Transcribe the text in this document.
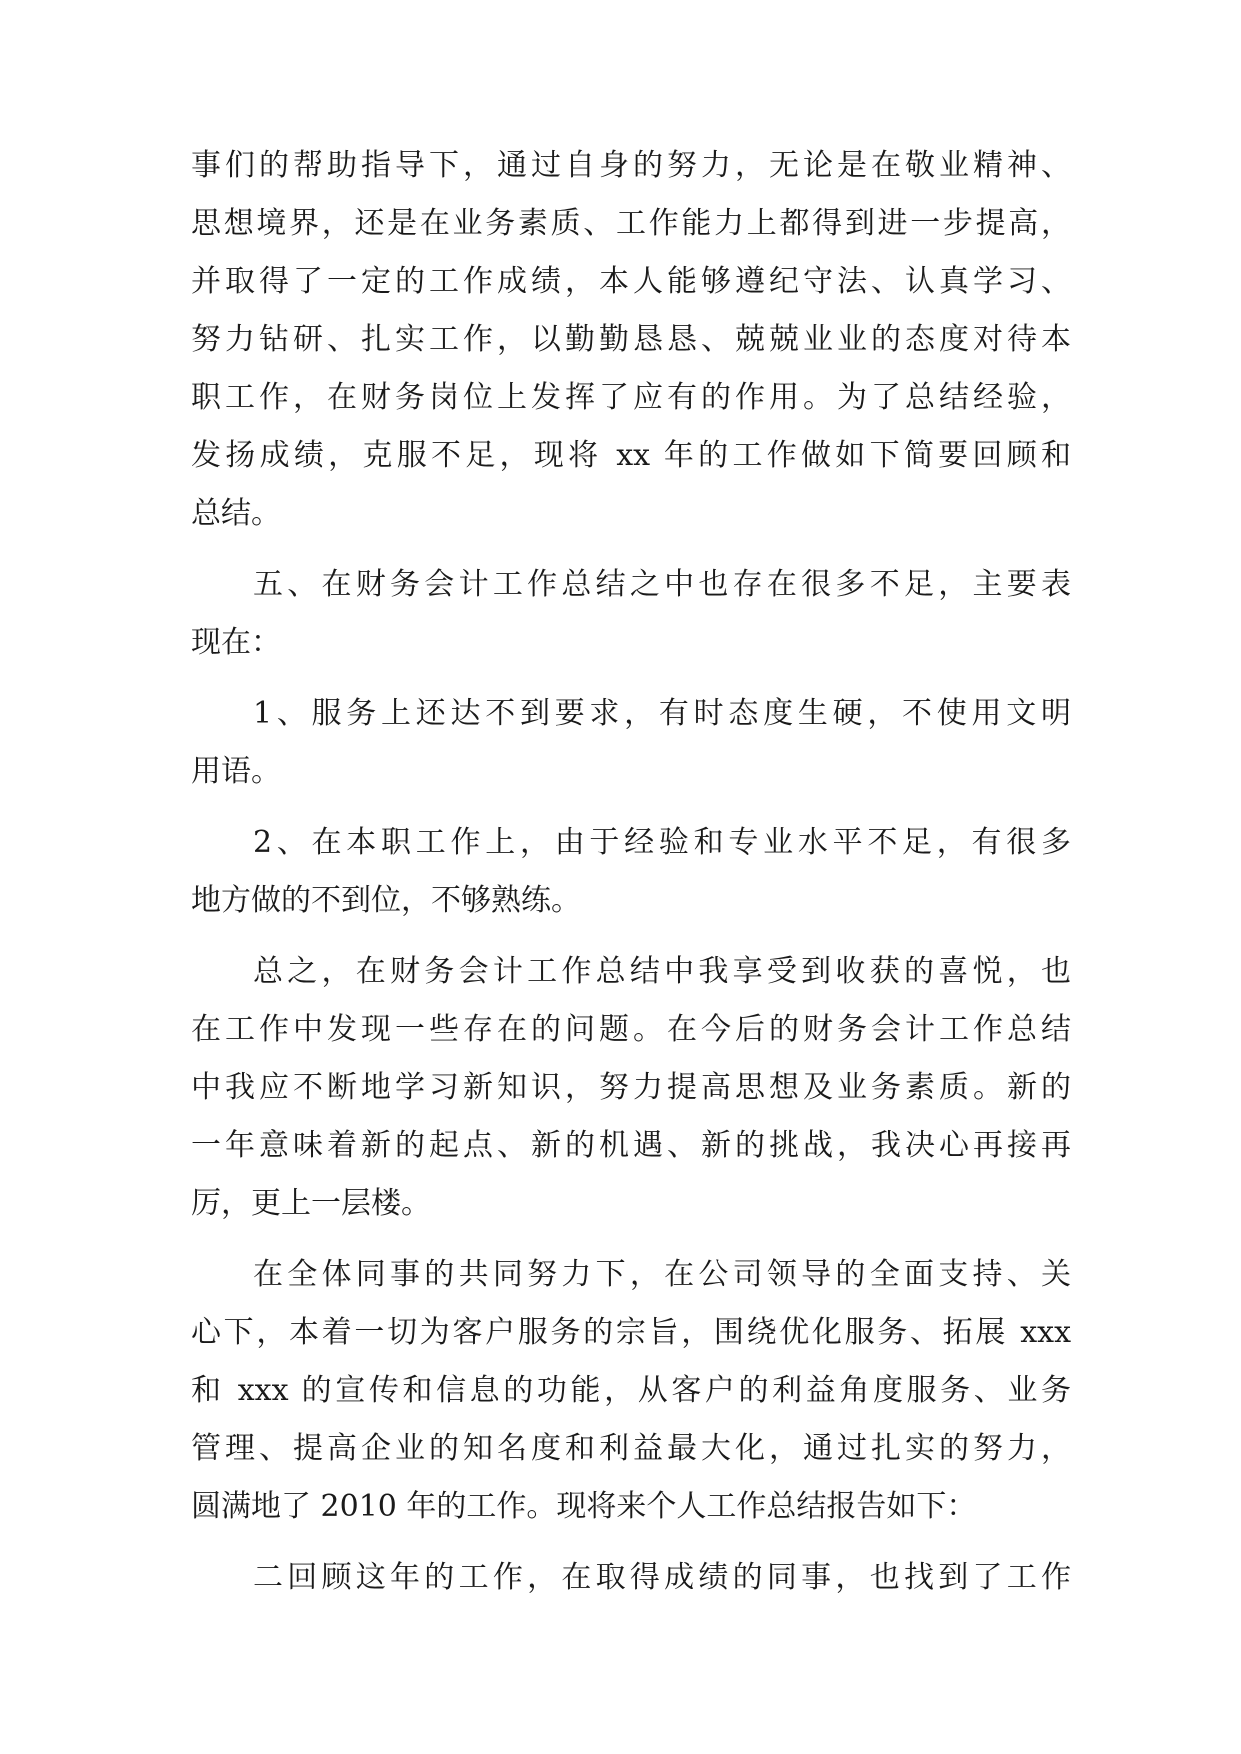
事们的帮助指导下，通过自身的努力，无论是在敬业精神、
思想境界，还是在业务素质、工作能力上都得到进一步提高，
并取得了一定的工作成绩，本人能够遵纪守法、认真学习、
努力钻研、扎实工作，以勤勤恳恳、兢兢业业的态度对待本
职工作，在财务岗位上发挥了应有的作用。为了总结经验，
发扬成绩，克服不足，现将 xx 年的工作做如下简要回顾和
总结。
五、在财务会计工作总结之中也存在很多不足，主要表
现在：
1、服务上还达不到要求，有时态度生硬，不使用文明
用语。
2、在本职工作上，由于经验和专业水平不足，有很多
地方做的不到位，不够熟练。
总之，在财务会计工作总结中我享受到收获的喜悦，也
在工作中发现一些存在的问题。在今后的财务会计工作总结
中我应不断地学习新知识，努力提高思想及业务素质。新的
一年意味着新的起点、新的机遇、新的挑战，我决心再接再
厉，更上一层楼。
在全体同事的共同努力下，在公司领导的全面支持、关
心下，本着一切为客户服务的宗旨，围绕优化服务、拓展 xxx
和 xxx 的宣传和信息的功能，从客户的利益角度服务、业务
管理、提高企业的知名度和利益最大化，通过扎实的努力，
圆满地了 2010 年的工作。现将来个人工作总结报告如下：
二回顾这年的工作，在取得成绩的同事，也找到了工作
